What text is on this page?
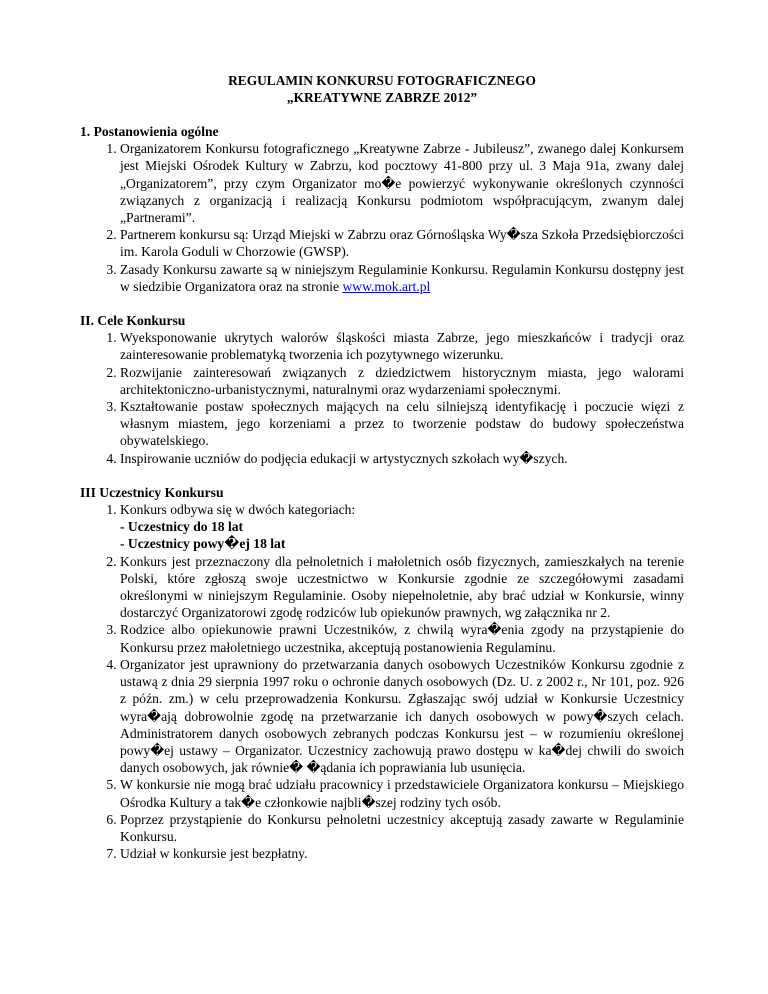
REGULAMIN KONKURSU FOTOGRAFICZNEGO
„KREATYWNE ZABRZE 2012”
1. Postanowienia ogólne
1. Organizatorem Konkursu fotograficznego „Kreatywne Zabrze - Jubileusz”, zwanego dalej Konkursem jest Miejski Ośrodek Kultury w Zabrzu, kod pocztowy 41-800 przy ul. 3 Maja 91a, zwany dalej „Organizatorem”, przy czym Organizator mo�e powierzyć wykonywanie określonych czynności związanych z organizacją i realizacją Konkursu podmiotom współpracującym, zwanym dalej „Partnerami”.
2. Partnerem konkursu są: Urząd Miejski w Zabrzu oraz Górnośląska Wy�sza Szkoła Przedsiębiorczości im. Karola Goduli w Chorzowie (GWSP).
3. Zasady Konkursu zawarte są w niniejszym Regulaminie Konkursu. Regulamin Konkursu dostępny jest w siedzibie Organizatora oraz na stronie www.mok.art.pl
II. Cele Konkursu
1. Wyeksponowanie ukrytych walorów śląskości miasta Zabrze, jego mieszkańców i tradycji oraz zainteresowanie problematyką tworzenia ich pozytywnego wizerunku.
2. Rozwijanie zainteresowań związanych z dziedzictwem historycznym miasta, jego walorami architektoniczno-urbanistycznymi, naturalnymi oraz wydarzeniami społecznymi.
3. Kształtowanie postaw społecznych mających na celu silniejszą identyfikację i poczucie więzi z własnym miastem, jego korzeniami a przez to tworzenie podstaw do budowy społeczeństwa obywatelskiego.
4. Inspirowanie uczniów do podjęcia edukacji w artystycznych szkołach wy�szych.
III Uczestnicy Konkursu
1. Konkurs odbywa się w dwóch kategoriach:
- Uczestnicy do 18 lat
- Uczestnicy powy�ej 18 lat
2. Konkurs jest przeznaczony dla pełnoletnich i małoletnich osób fizycznych, zamieszkałych na terenie Polski, które zgłoszą swoje uczestnictwo w Konkursie zgodnie ze szczegółowymi zasadami określonymi w niniejszym Regulaminie. Osoby niepełnoletnie, aby brać udział w Konkursie, winny dostarczyć Organizatorowi zgodę rodziców lub opiekunów prawnych, wg załącznika nr 2.
3. Rodzice albo opiekunowie prawni Uczestników, z chwilą wyra�enia zgody na przystąpienie do Konkursu przez małoletniego uczestnika, akceptują postanowienia Regulaminu.
4. Organizator jest uprawniony do przetwarzania danych osobowych Uczestników Konkursu zgodnie z ustawą z dnia 29 sierpnia 1997 roku o ochronie danych osobowych (Dz. U. z 2002 r., Nr 101, poz. 926 z późn. zm.) w celu przeprowadzenia Konkursu. Zgłaszając swój udział w Konkursie Uczestnicy wyra�ają dobrowolnie zgodę na przetwarzanie ich danych osobowych w powy�szych celach. Administratorem danych osobowych zebranych podczas Konkursu jest – w rozumieniu określonej powy�ej ustawy – Organizator. Uczestnicy zachowują prawo dostępu w ka�dej chwili do swoich danych osobowych, jak równie� �ądania ich poprawiania lub usunięcia.
5. W konkursie nie mogą brać udziału pracownicy i przedstawiciele Organizatora konkursu – Miejskiego Ośrodka Kultury a tak�e członkowie najbli�szej rodziny tych osób.
6. Poprzez przystąpienie do Konkursu pełnoletni uczestnicy akceptują zasady zawarte w Regulaminie Konkursu.
7. Udział w konkursie jest bezpłatny.
